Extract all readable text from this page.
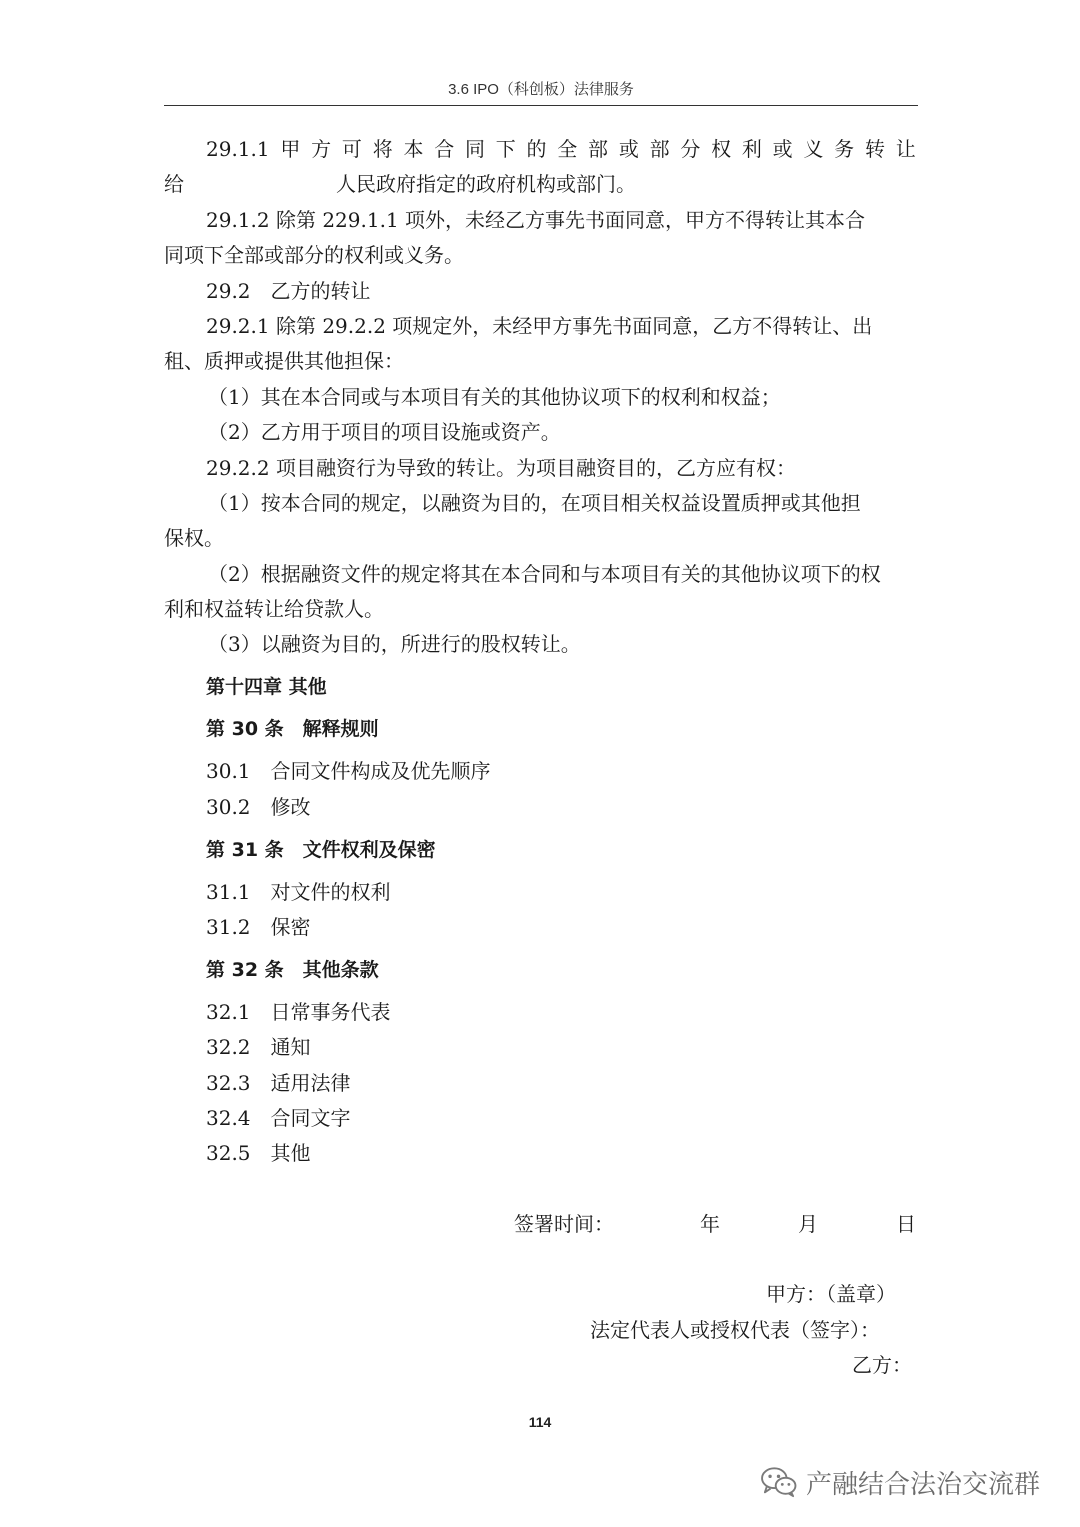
3.6 IPO（科创板）法律服务
29.1.1 甲 方 可 将 本 合 同 下 的 全 部 或 部 分 权 利 或 义 务 转 让
给	人民政府指定的政府机构或部门。
29.1.2 除第 229.1.1 项外，未经乙方事先书面同意，甲方不得转让其本合
同项下全部或部分的权利或义务。
29.2　乙方的转让
29.2.1 除第 29.2.2 项规定外，未经甲方事先书面同意，乙方不得转让、出
租、质押或提供其他担保：
（1）其在本合同或与本项目有关的其他协议项下的权利和权益；
（2）乙方用于项目的项目设施或资产。
29.2.2 项目融资行为导致的转让。为项目融资目的，乙方应有权：
（1）按本合同的规定，以融资为目的，在项目相关权益设置质押或其他担
保权。
（2）根据融资文件的规定将其在本合同和与本项目有关的其他协议项下的权
利和权益转让给贷款人。
（3）以融资为目的，所进行的股权转让。
第十四章 其他
第 30 条　解释规则
30.1　合同文件构成及优先顺序
30.2　修改
第 31 条　文件权利及保密
31.1　对文件的权利
31.2　保密
第 32 条　其他条款
32.1　日常事务代表
32.2　通知
32.3　适用法律
32.4　合同文字
32.5　其他
签署时间：	年	月	日
甲方：（盖章）
法定代表人或授权代表（签字）：
乙方：
114
产融结合法治交流群
